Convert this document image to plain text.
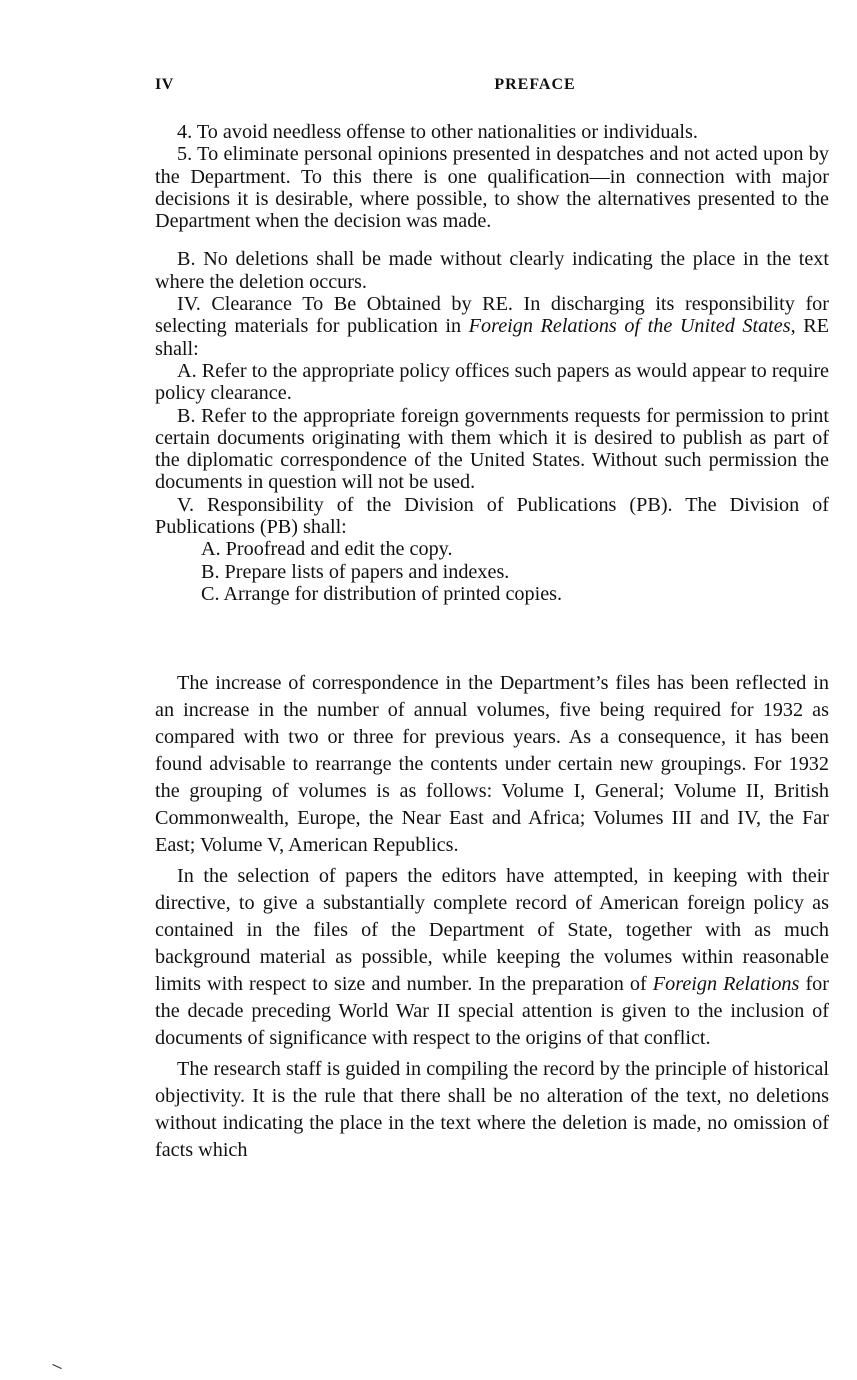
IV	PREFACE

4. To avoid needless offense to other nationalities or individuals.

5. To eliminate personal opinions presented in despatches and not acted upon by the Department. To this there is one qualification—in connection with major decisions it is desirable, where possible, to show the alternatives presented to the Department when the decision was made.

B. No deletions shall be made without clearly indicating the place in the text where the deletion occurs.

IV. Clearance To Be Obtained by RE. In discharging its responsibility for selecting materials for publication in Foreign Relations of the United States, RE shall:

A. Refer to the appropriate policy offices such papers as would appear to require policy clearance.

B. Refer to the appropriate foreign governments requests for permission to print certain documents originating with them which it is desired to publish as part of the diplomatic correspondence of the United States. Without such permission the documents in question will not be used.

V. Responsibility of the Division of Publications (PB). The Division of Publications (PB) shall:

A. Proofread and edit the copy.

B. Prepare lists of papers and indexes.

C. Arrange for distribution of printed copies.

The increase of correspondence in the Department’s files has been reflected in an increase in the number of annual volumes, five being required for 1932 as compared with two or three for previous years. As a consequence, it has been found advisable to rearrange the contents under certain new groupings. For 1932 the grouping of volumes is as follows: Volume I, General; Volume II, British Commonwealth, Europe, the Near East and Africa; Volumes III and IV, the Far East; Volume V, American Republics.

In the selection of papers the editors have attempted, in keeping with their directive, to give a substantially complete record of American foreign policy as contained in the files of the Department of State, together with as much background material as possible, while keeping the volumes within reasonable limits with respect to size and number. In the preparation of Foreign Relations for the decade preceding World War II special attention is given to the inclusion of documents of significance with respect to the origins of that conflict.

The research staff is guided in compiling the record by the principle of historical objectivity. It is the rule that there shall be no alteration of the text, no deletions without indicating the place in the text where the deletion is made, no omission of facts which
